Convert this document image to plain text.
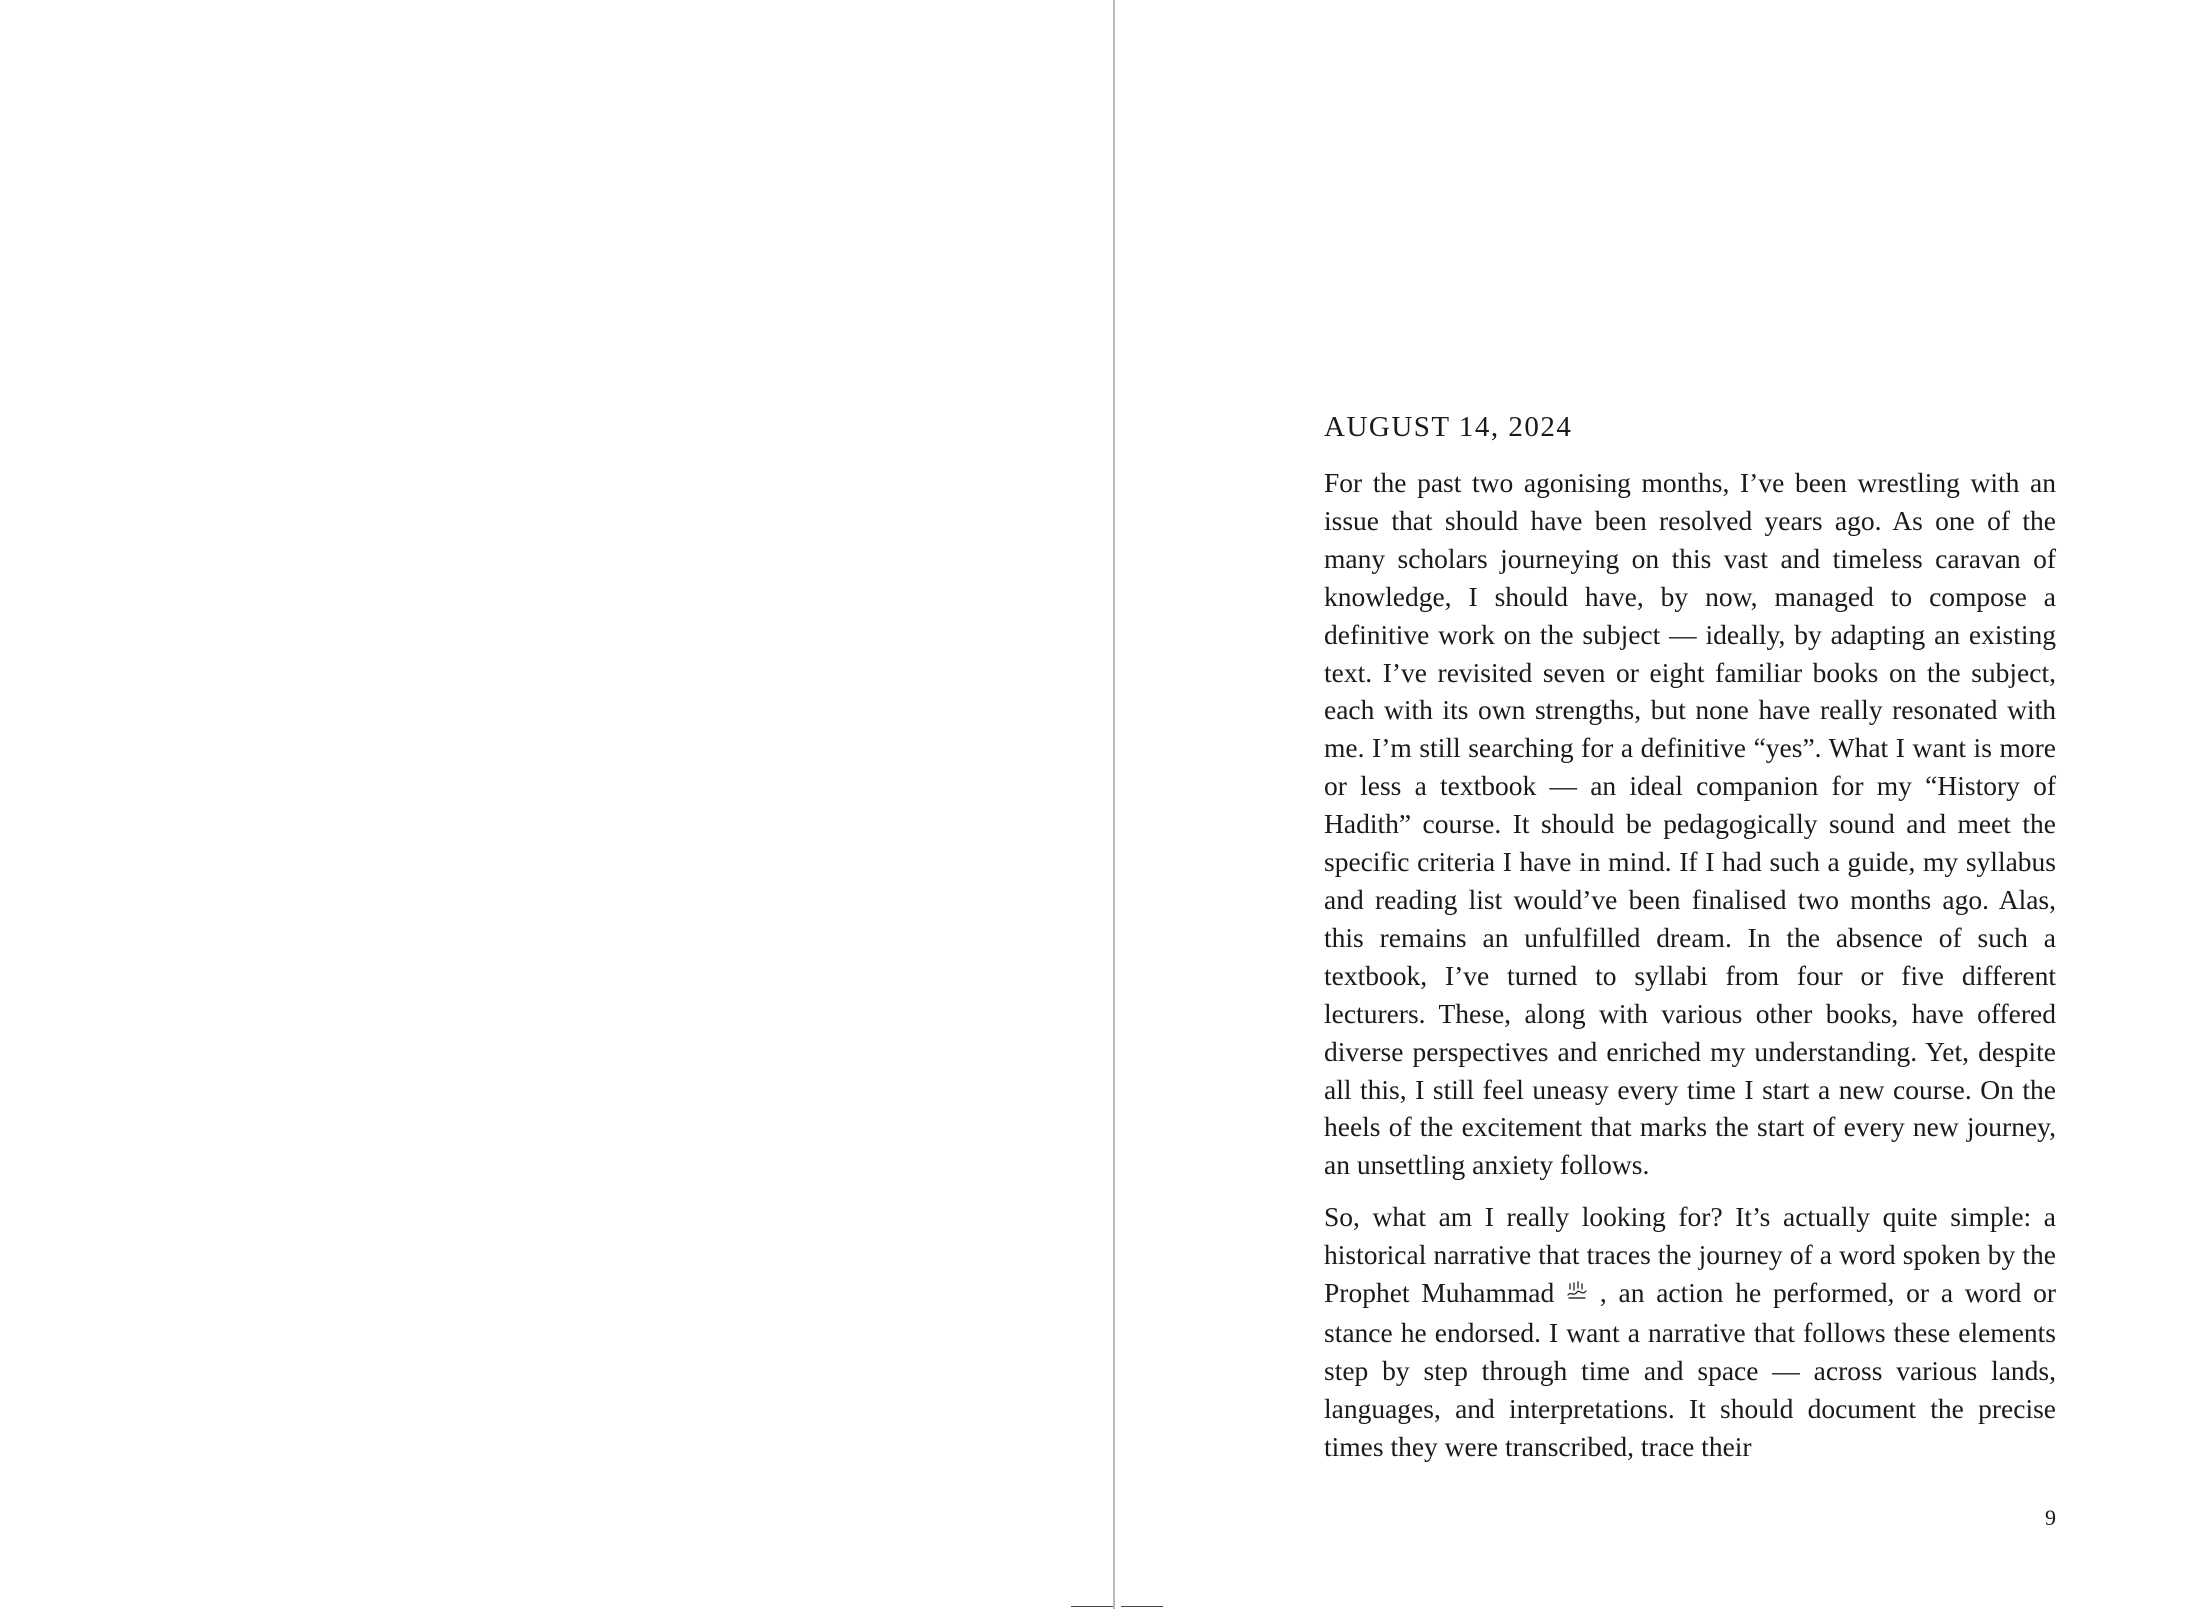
AUGUST 14, 2024

For the past two agonising months, I’ve been wrestling with an issue that should have been resolved years ago. As one of the many scholars journeying on this vast and timeless caravan of knowledge, I should have, by now, managed to compose a definitive work on the subject — ideally, by adapting an existing text. I’ve revisited seven or eight familiar books on the subject, each with its own strengths, but none have really resonated with me. I’m still searching for a definitive “yes”. What I want is more or less a textbook — an ideal companion for my “History of Hadith” course. It should be pedagogically sound and meet the specific criteria I have in mind. If I had such a guide, my syllabus and reading list would’ve been finalised two months ago. Alas, this remains an unfulfilled dream. In the absence of such a textbook, I’ve turned to syllabi from four or five different lecturers. These, along with various other books, have offered diverse perspectives and enriched my understanding. Yet, despite all this, I still feel uneasy every time I start a new course. On the heels of the excitement that marks the start of every new journey, an unsettling anxiety follows.

So, what am I really looking for? It’s actually quite simple: a historical narrative that traces the journey of a word spoken by the Prophet Muhammad , an action he performed, or a word or stance he endorsed. I want a narrative that follows these elements step by step through time and space — across various lands, languages, and interpretations. It should document the precise times they were transcribed, trace their

9
